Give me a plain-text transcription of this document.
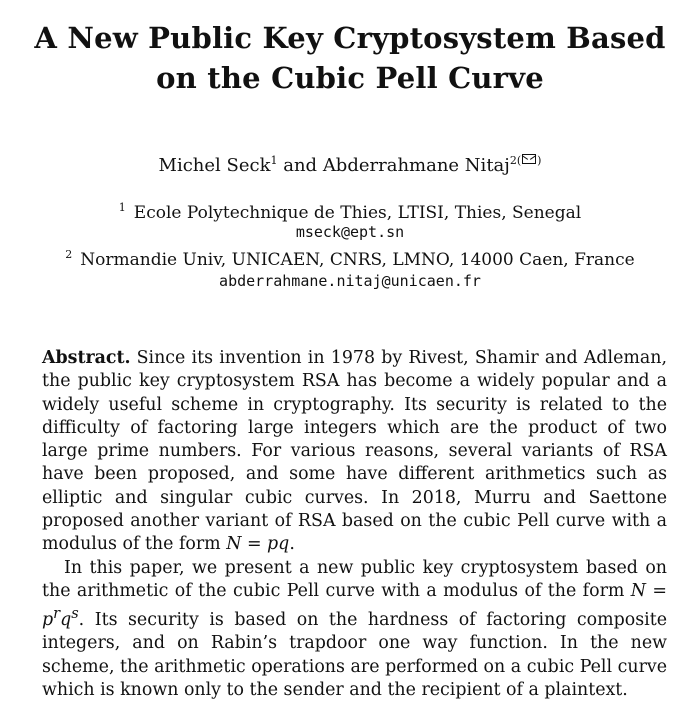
A New Public Key Cryptosystem Based
on the Cubic Pell Curve
Michel Seck$^1$ and Abderrahmane Nitaj$^{2( )}$
$^1$ Ecole Polytechnique de Thies, LTISI, Thies, Senegal
mseck@ept.sn
$^2$ Normandie Univ, UNICAEN, CNRS, LMNO, 14000 Caen, France
abderrahmane.nitaj@unicaen.fr

Abstract. Since its invention in 1978 by Rivest, Shamir and Adleman, the public key cryptosystem RSA has become a widely popular and a widely useful scheme in cryptography. Its security is related to the difficulty of factoring large integers which are the product of two large prime numbers. For various reasons, several variants of RSA have been proposed, and some have different arithmetics such as elliptic and singular cubic curves. In 2018, Murru and Saettone proposed another variant of RSA based on the cubic Pell curve with a modulus of the form N = pq.

In this paper, we present a new public key cryptosystem based on the arithmetic of the cubic Pell curve with a modulus of the form $N = p^rq^s$. Its security is based on the hardness of factoring composite integers, and on Rabin’s trapdoor one way function. In the new scheme, the arithmetic operations are performed on a cubic Pell curve which is known only to the sender and the recipient of a plaintext.
